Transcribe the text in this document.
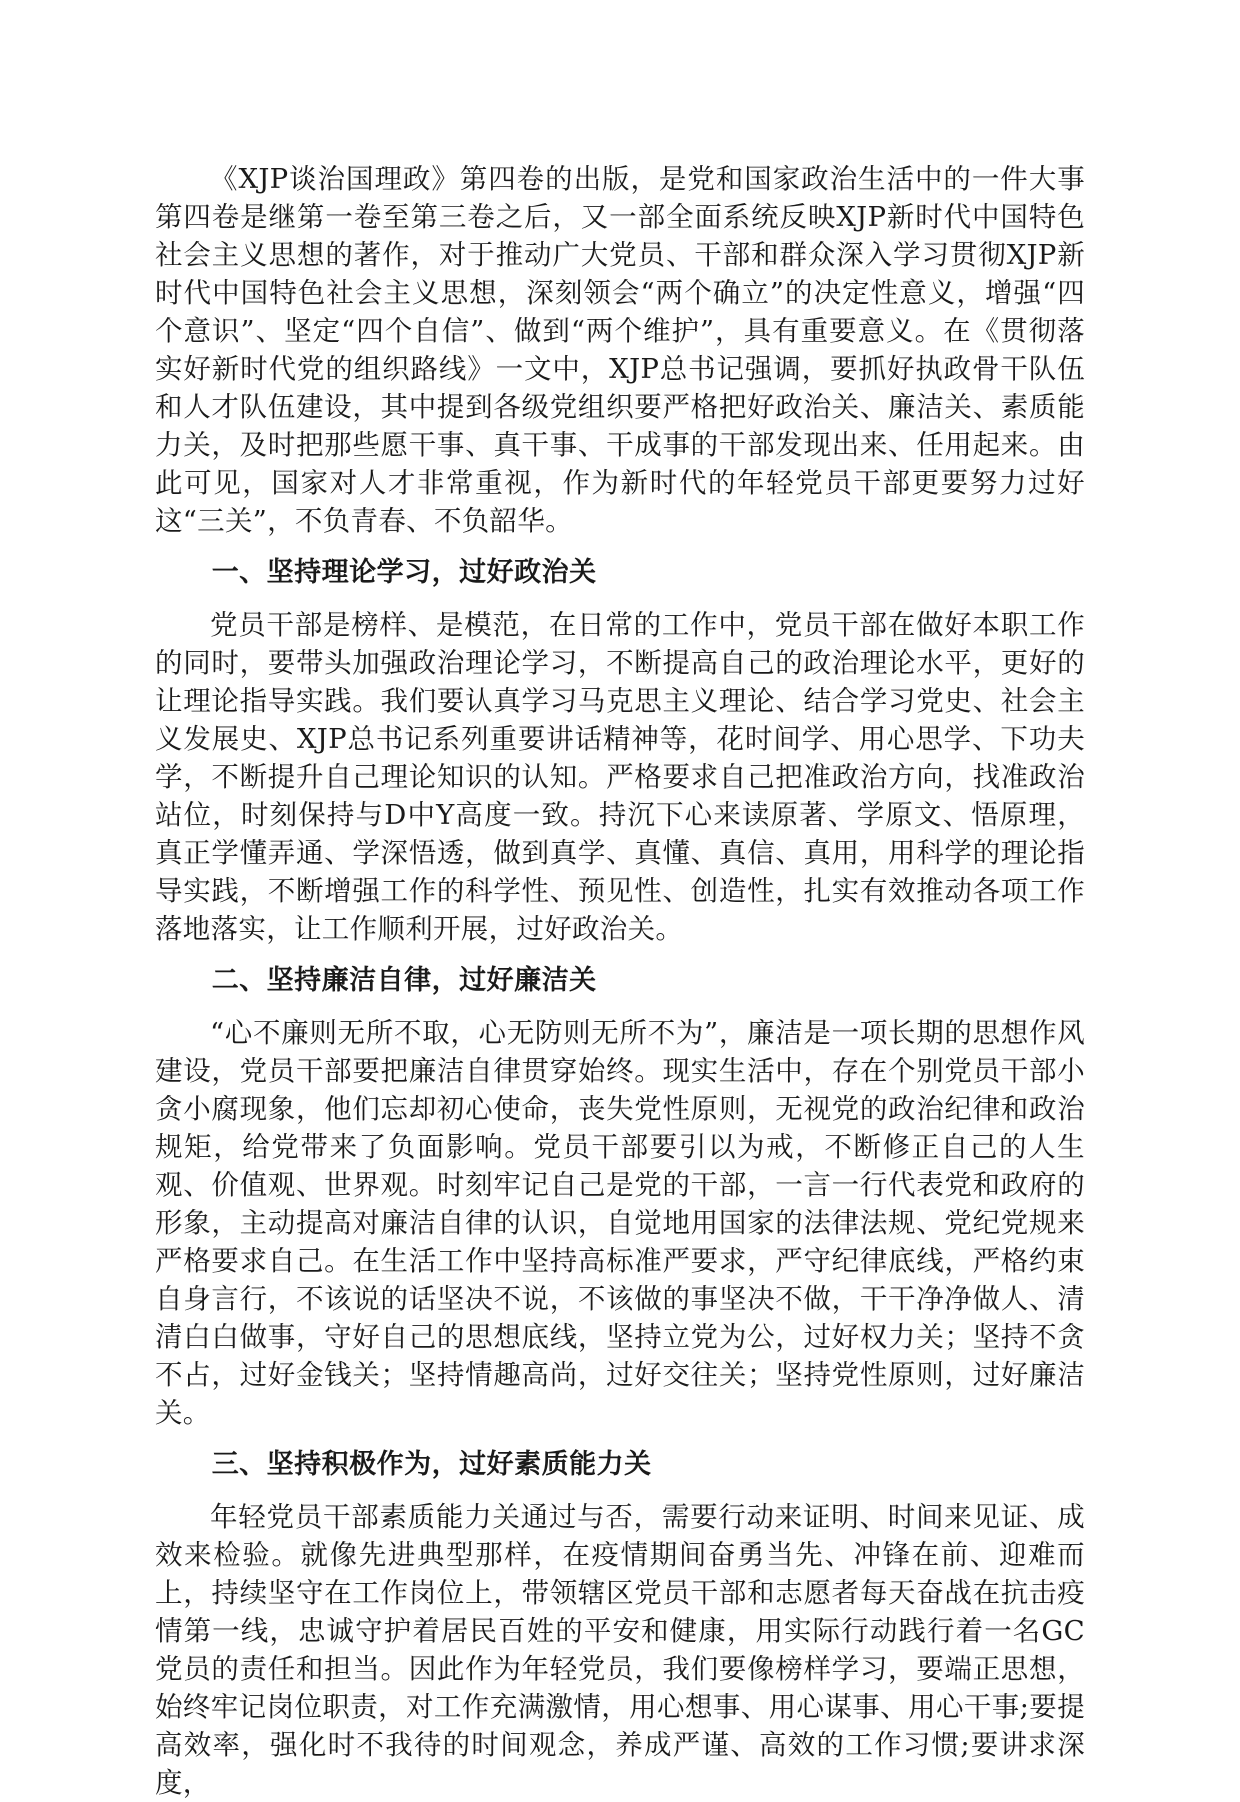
《XJP谈治国理政》第四卷的出版，是党和国家政治生活中的一件大事第四卷是继第一卷至第三卷之后，又一部全面系统反映XJP新时代中国特色社会主义思想的著作，对于推动广大党员、干部和群众深入学习贯彻XJP新时代中国特色社会主义思想，深刻领会“两个确立”的决定性意义，增强“四个意识”、坚定“四个自信”、做到“两个维护”，具有重要意义。在《贯彻落实好新时代党的组织路线》一文中，XJP总书记强调，要抓好执政骨干队伍和人才队伍建设，其中提到各级党组织要严格把好政治关、廉洁关、素质能力关，及时把那些愿干事、真干事、干成事的干部发现出来、任用起来。由此可见，国家对人才非常重视，作为新时代的年轻党员干部更要努力过好这“三关”，不负青春、不负韶华。

一、坚持理论学习，过好政治关

党员干部是榜样、是模范，在日常的工作中，党员干部在做好本职工作的同时，要带头加强政治理论学习，不断提高自己的政治理论水平，更好的让理论指导实践。我们要认真学习马克思主义理论、结合学习党史、社会主义发展史、XJP总书记系列重要讲话精神等，花时间学、用心思学、下功夫学，不断提升自己理论知识的认知。严格要求自己把准政治方向，找准政治站位，时刻保持与D中Y高度一致。持沉下心来读原著、学原文、悟原理，真正学懂弄通、学深悟透，做到真学、真懂、真信、真用，用科学的理论指导实践，不断增强工作的科学性、预见性、创造性，扎实有效推动各项工作落地落实，让工作顺利开展，过好政治关。

二、坚持廉洁自律，过好廉洁关

“心不廉则无所不取，心无防则无所不为”，廉洁是一项长期的思想作风建设，党员干部要把廉洁自律贯穿始终。现实生活中，存在个别党员干部小贪小腐现象，他们忘却初心使命，丧失党性原则，无视党的政治纪律和政治规矩，给党带来了负面影响。党员干部要引以为戒，不断修正自己的人生观、价值观、世界观。时刻牢记自己是党的干部，一言一行代表党和政府的形象，主动提高对廉洁自律的认识，自觉地用国家的法律法规、党纪党规来严格要求自己。在生活工作中坚持高标准严要求，严守纪律底线，严格约束自身言行，不该说的话坚决不说，不该做的事坚决不做，干干净净做人、清清白白做事，守好自己的思想底线，坚持立党为公，过好权力关；坚持不贪不占，过好金钱关；坚持情趣高尚，过好交往关；坚持党性原则，过好廉洁关。

三、坚持积极作为，过好素质能力关

年轻党员干部素质能力关通过与否，需要行动来证明、时间来见证、成效来检验。就像先进典型那样，在疫情期间奋勇当先、冲锋在前、迎难而上，持续坚守在工作岗位上，带领辖区党员干部和志愿者每天奋战在抗击疫情第一线，忠诚守护着居民百姓的平安和健康，用实际行动践行着一名GC党员的责任和担当。因此作为年轻党员，我们要像榜样学习，要端正思想，始终牢记岗位职责，对工作充满激情，用心想事、用心谋事、用心干事;要提高效率，强化时不我待的时间观念，养成严谨、高效的工作习惯;要讲求深度，
